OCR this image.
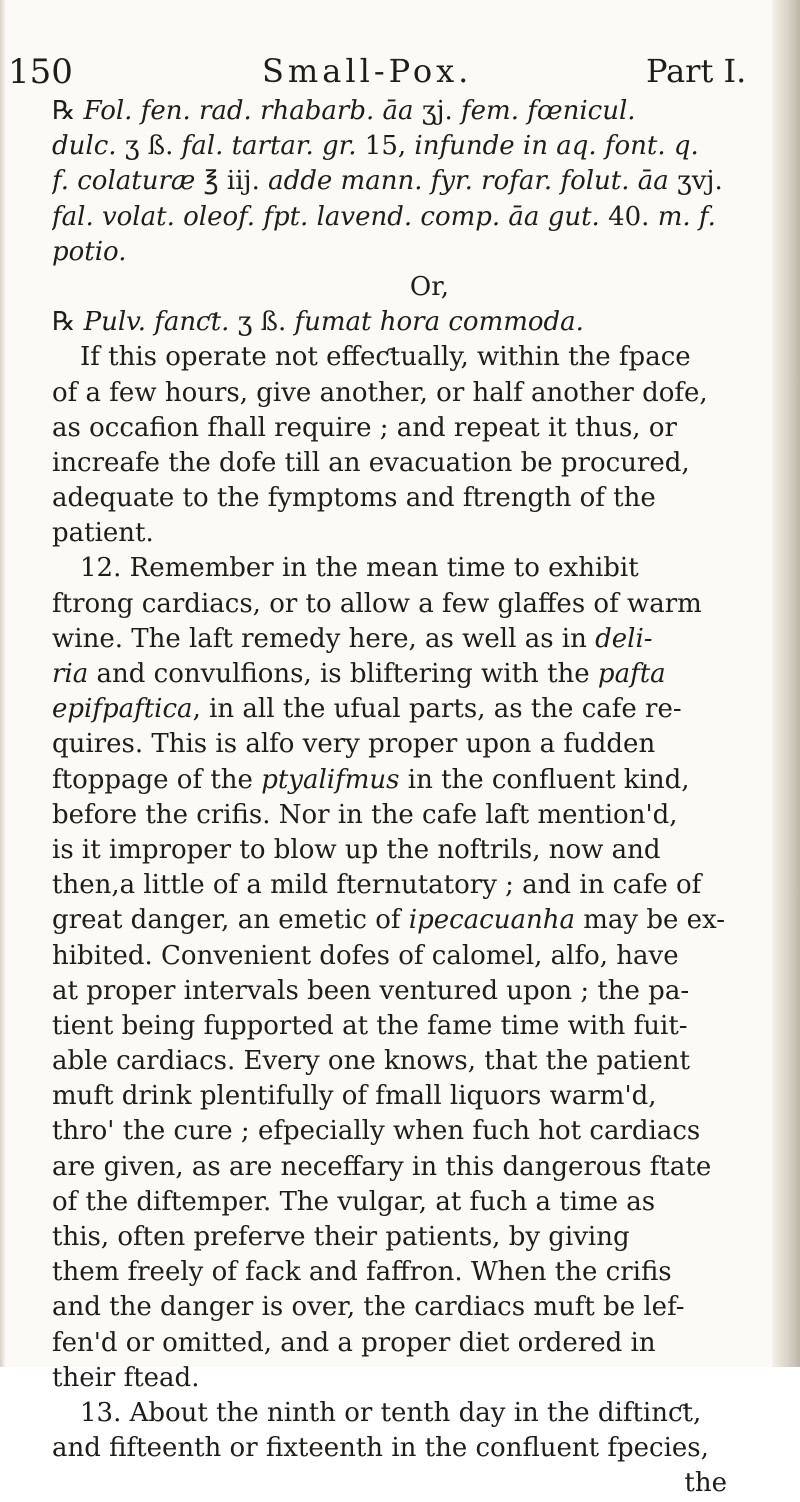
150	Small-Pox.	Part I.
℞ Fol. fen. rad. rhabarb. āa ʒj. fem. fœnicul.
dulc. ʒ ß. fal. tartar. gr. 15, infunde in aq. font. q.
f. colaturæ ℥ iij. adde mann. fyr. rofar. folut. āa ʒvj.
fal. volat. oleof. fpt. lavend. comp. āa gut. 40. m. f.
potio.
Or,
℞ Pulv. fanƈt. ʒ ß. fumat hora commoda.
If this operate not effeƈtually, within the fpace
of a few hours, give another, or half another dofe,
as occafion fhall require ; and repeat it thus, or
increafe the dofe till an evacuation be procured,
adequate to the fymptoms and ftrength of the
patient.
12. Remember in the mean time to exhibit
ftrong cardiacs, or to allow a few glaffes of warm
wine. The laft remedy here, as well as in deli-
ria and convulfions, is bliftering with the pafta
epifpaftica, in all the ufual parts, as the cafe re-
quires. This is alfo very proper upon a fudden
ftoppage of the ptyalifmus in the confluent kind,
before the crifis. Nor in the cafe laft mention'd,
is it improper to blow up the noftrils, now and
then,a little of a mild fternutatory ; and in cafe of
great danger, an emetic of ipecacuanha may be ex-
hibited. Convenient dofes of calomel, alfo, have
at proper intervals been ventured upon ; the pa-
tient being fupported at the fame time with fuit-
able cardiacs. Every one knows, that the patient
muft drink plentifully of fmall liquors warm'd,
thro' the cure ; efpecially when fuch hot cardiacs
are given, as are neceffary in this dangerous ftate
of the diftemper. The vulgar, at fuch a time as
this, often preferve their patients, by giving
them freely of fack and faffron. When the crifis
and the danger is over, the cardiacs muft be lef-
fen'd or omitted, and a proper diet ordered in
their ftead.
13. About the ninth or tenth day in the diftinƈt,
and fifteenth or fixteenth in the confluent fpecies,
the
